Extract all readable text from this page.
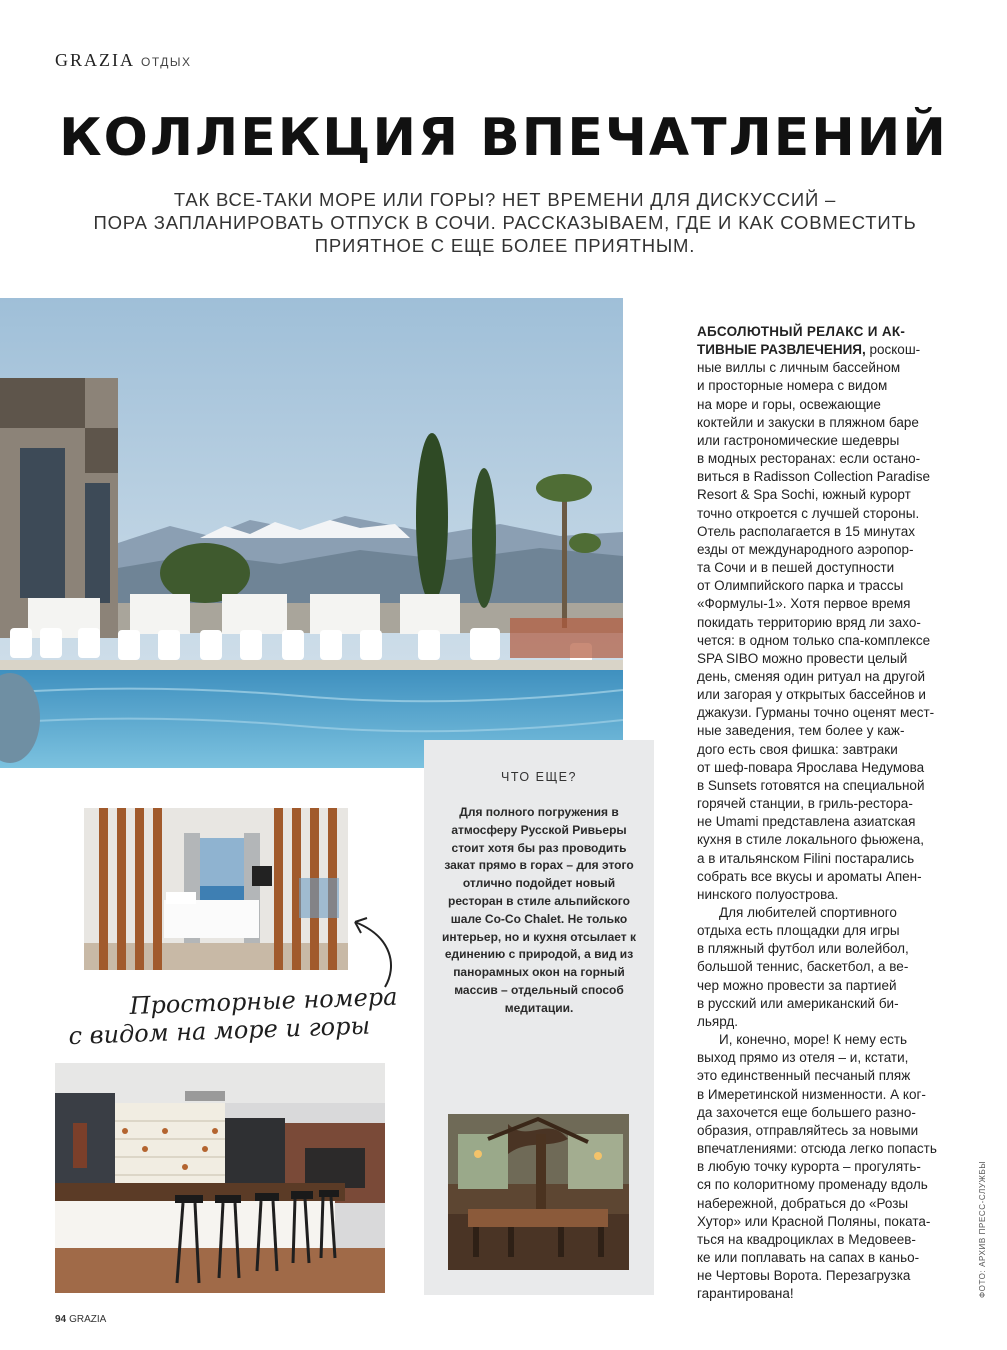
GRAZIA ОТДЫХ
КОЛЛЕКЦИЯ ВПЕЧАТЛЕНИЙ
ТАК ВСЕ-ТАКИ МОРЕ ИЛИ ГОРЫ? НЕТ ВРЕМЕНИ ДЛЯ ДИСКУССИЙ –
ПОРА ЗАПЛАНИРОВАТЬ ОТПУСК В СОЧИ. РАССКАЗЫВАЕМ, ГДЕ И КАК СОВМЕСТИТЬ
ПРИЯТНОЕ С ЕЩЕ БОЛЕЕ ПРИЯТНЫМ.
ЧТО ЕЩЕ?
Для полного погружения в атмосферу Русской Ривьеры стоит хотя бы раз проводить закат прямо в горах – для этого отлично подойдет новый ресторан в стиле альпийского шале Co-Co Chalet. Не только интерьер, но и кухня отсылает к единению с природой, а вид из панорамных окон на горный массив – отдельный способ медитации.
Просторные номера
с видом на море и горы
АБСОЛЮТНЫЙ РЕЛАКС И АК-
ТИВНЫЕ РАЗВЛЕЧЕНИЯ, роскош-
ные виллы с личным бассейном
и просторные номера с видом
на море и горы, освежающие
коктейли и закуски в пляжном баре
или гастрономические шедевры
в модных ресторанах: если остано-
виться в Radisson Collection Paradise
Resort & Spa Sochi, южный курорт
точно откроется с лучшей стороны.
Отель располагается в 15 минутах
езды от международного аэропор-
та Сочи и в пешей доступности
от Олимпийского парка и трассы
«Формулы-1». Хотя первое время
покидать территорию вряд ли захо-
чется: в одном только спа-комплексе
SPA SIBO можно провести целый
день, сменяя один ритуал на другой
или загорая у открытых бассейнов и
джакузи. Гурманы точно оценят мест-
ные заведения, тем более у каж-
дого есть своя фишка: завтраки
от шеф-повара Ярослава Недумова
в Sunsets готовятся на специальной
горячей станции, в гриль-рестора-
не Umami представлена азиатская
кухня в стиле локального фьюжена,
а в итальянском Filini постарались
собрать все вкусы и ароматы Апен-
нинского полуострова.
Для любителей спортивного
отдыха есть площадки для игры
в пляжный футбол или волейбол,
большой теннис, баскетбол, а ве-
чер можно провести за партией
в русский или американский би-
льярд.
И, конечно, море! К нему есть
выход прямо из отеля – и, кстати,
это единственный песчаный пляж
в Имеретинской низменности. А ког-
да захочется еще большего разно-
образия, отправляйтесь за новыми
впечатлениями: отсюда легко попасть
в любую точку курорта – прогулять-
ся по колоритному променаду вдоль
набережной, добраться до «Розы
Хутор» или Красной Поляны, поката-
ться на квадроциклах в Медовеев-
ке или поплавать на сапах в каньо-
не Чертовы Ворота. Перезагрузка
гарантирована!	ФОТО: АРХИВ ПРЕСС-СЛУЖБЫ
94 GRAZIA
